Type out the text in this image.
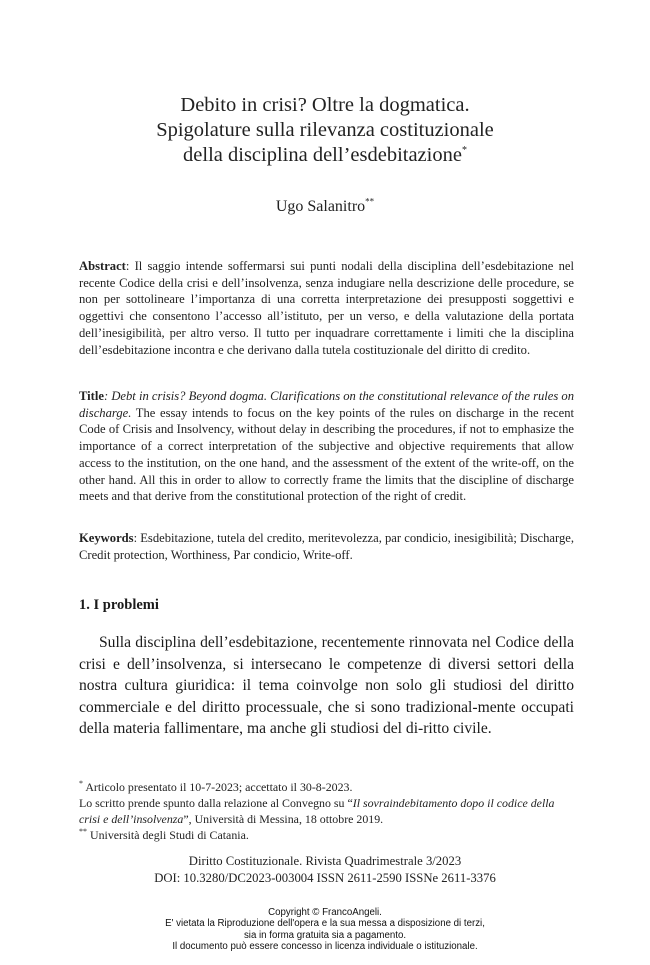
Debito in crisi? Oltre la dogmatica.
Spigolature sulla rilevanza costituzionale
della disciplina dell’esdebitazione*
Ugo Salanitro**
Abstract: Il saggio intende soffermarsi sui punti nodali della disciplina dell’esdebitazione nel recente Codice della crisi e dell’insolvenza, senza indugiare nella descrizione delle procedure, se non per sottolineare l’importanza di una corretta interpretazione dei presupposti soggettivi e oggettivi che consentono l’accesso all’istituto, per un verso, e della valutazione della portata dell’inesigibilità, per altro verso. Il tutto per inquadrare correttamente i limiti che la disciplina dell’esdebitazione incontra e che derivano dalla tutela costituzionale del diritto di credito.
Title: Debt in crisis? Beyond dogma. Clarifications on the constitutional relevance of the rules on discharge. The essay intends to focus on the key points of the rules on discharge in the recent Code of Crisis and Insolvency, without delay in describing the procedures, if not to emphasize the importance of a correct interpretation of the subjective and objective requirements that allow access to the institution, on the one hand, and the assessment of the extent of the write-off, on the other hand. All this in order to allow to correctly frame the limits that the discipline of discharge meets and that derive from the constitutional protection of the right of credit.
Keywords: Esdebitazione, tutela del credito, meritevolezza, par condicio, inesigibilità; Discharge, Credit protection, Worthiness, Par condicio, Write-off.
1. I problemi
Sulla disciplina dell’esdebitazione, recentemente rinnovata nel Codice della crisi e dell’insolvenza, si intersecano le competenze di diversi settori della nostra cultura giuridica: il tema coinvolge non solo gli studiosi del diritto commerciale e del diritto processuale, che si sono tradizional-mente occupati della materia fallimentare, ma anche gli studiosi del di-ritto civile.
* Articolo presentato il 10-7-2023; accettato il 30-8-2023.
Lo scritto prende spunto dalla relazione al Convegno su “Il sovraindebitamento dopo il codice della crisi e dell’insolvenza”, Università di Messina, 18 ottobre 2019.
** Università degli Studi di Catania.
Diritto Costituzionale. Rivista Quadrimestrale 3/2023
DOI: 10.3280/DC2023-003004 ISSN 2611-2590 ISSNe 2611-3376
Copyright © FrancoAngeli.
E' vietata la Riproduzione dell'opera e la sua messa a disposizione di terzi,
sia in forma gratuita sia a pagamento.
Il documento può essere concesso in licenza individuale o istituzionale.
